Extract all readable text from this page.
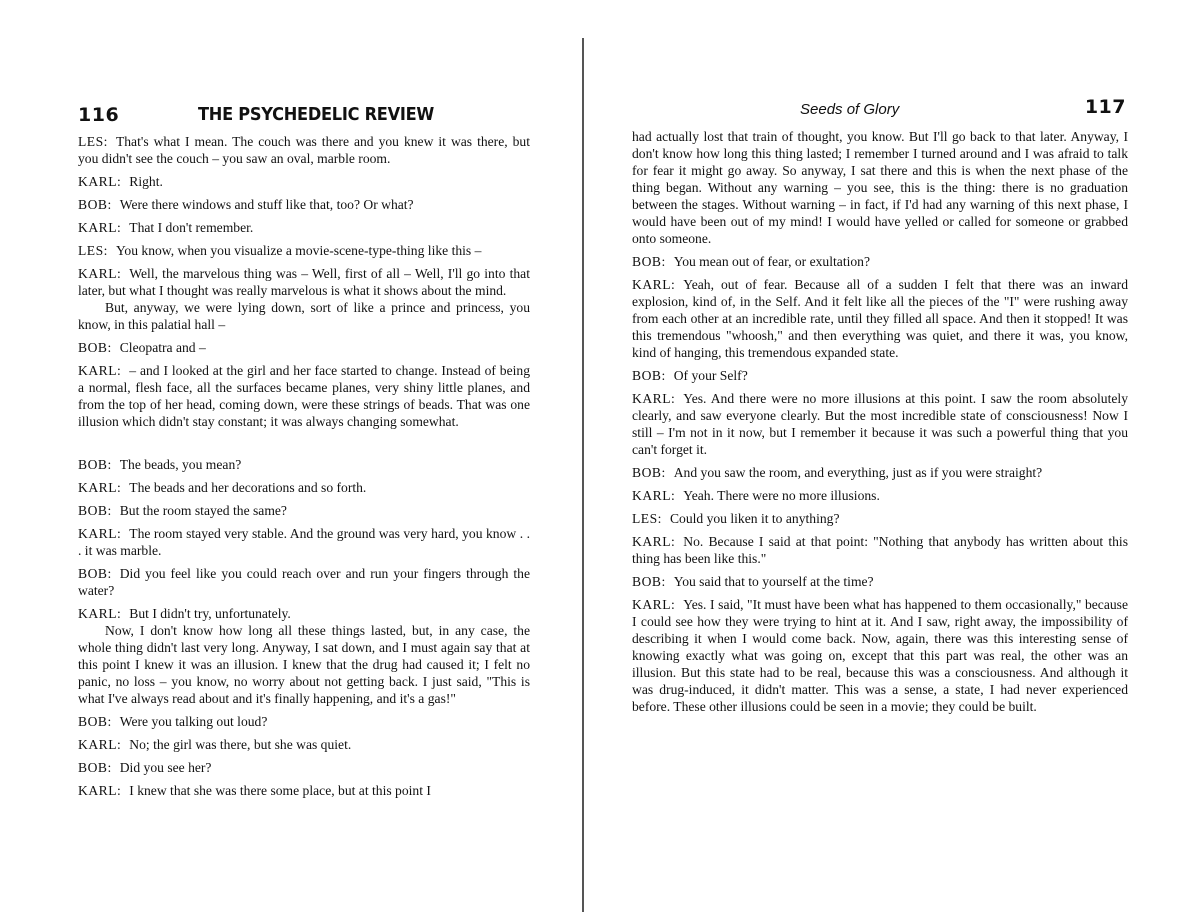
116	THE PSYCHEDELIC REVIEW

LES: That's what I mean. The couch was there and you knew it was there, but you didn't see the couch – you saw an oval, marble room.

KARL: Right.

BOB: Were there windows and stuff like that, too? Or what?

KARL: That I don't remember.

LES: You know, when you visualize a movie-scene-type-thing like this –

KARL: Well, the marvelous thing was – Well, first of all – Well, I'll go into that later, but what I thought was really marvelous is what it shows about the mind.

But, anyway, we were lying down, sort of like a prince and princess, you know, in this palatial hall –

BOB: Cleopatra and –

KARL: – and I looked at the girl and her face started to change. Instead of being a normal, flesh face, all the surfaces became planes, very shiny little planes, and from the top of her head, coming down, were these strings of beads. That was one illusion which didn't stay constant; it was always changing somewhat.

BOB: The beads, you mean?

KARL: The beads and her decorations and so forth.

BOB: But the room stayed the same?

KARL: The room stayed very stable. And the ground was very hard, you know . . . it was marble.

BOB: Did you feel like you could reach over and run your fingers through the water?

KARL: But I didn't try, unfortunately.

Now, I don't know how long all these things lasted, but, in any case, the whole thing didn't last very long. Anyway, I sat down, and I must again say that at this point I knew it was an illusion. I knew that the drug had caused it; I felt no panic, no loss – you know, no worry about not getting back. I just said, "This is what I've always read about and it's finally happening, and it's a gas!"

BOB: Were you talking out loud?

KARL: No; the girl was there, but she was quiet.

BOB: Did you see her?

KARL: I knew that she was there some place, but at this point I

Seeds of Glory	117

had actually lost that train of thought, you know. But I'll go back to that later. Anyway, I don't know how long this thing lasted; I remember I turned around and I was afraid to talk for fear it might go away. So anyway, I sat there and this is when the next phase of the thing began. Without any warning – you see, this is the thing: there is no graduation between the stages. Without warning – in fact, if I'd had any warning of this next phase, I would have been out of my mind! I would have yelled or called for someone or grabbed onto someone.

BOB: You mean out of fear, or exultation?

KARL: Yeah, out of fear. Because all of a sudden I felt that there was an inward explosion, kind of, in the Self. And it felt like all the pieces of the "I" were rushing away from each other at an incredible rate, until they filled all space. And then it stopped! It was this tremendous "whoosh," and then everything was quiet, and there it was, you know, kind of hanging, this tremendous expanded state.

BOB: Of your Self?

KARL: Yes. And there were no more illusions at this point. I saw the room absolutely clearly, and saw everyone clearly. But the most incredible state of consciousness! Now I still – I'm not in it now, but I remember it because it was such a powerful thing that you can't forget it.

BOB: And you saw the room, and everything, just as if you were straight?

KARL: Yeah. There were no more illusions.

LES: Could you liken it to anything?

KARL: No. Because I said at that point: "Nothing that anybody has written about this thing has been like this."

BOB: You said that to yourself at the time?

KARL: Yes. I said, "It must have been what has happened to them occasionally," because I could see how they were trying to hint at it. And I saw, right away, the impossibility of describing it when I would come back. Now, again, there was this interesting sense of knowing exactly what was going on, except that this part was real, the other was an illusion. But this state had to be real, because this was a consciousness. And although it was drug-induced, it didn't matter. This was a sense, a state, I had never experienced before. These other illusions could be seen in a movie; they could be built.
